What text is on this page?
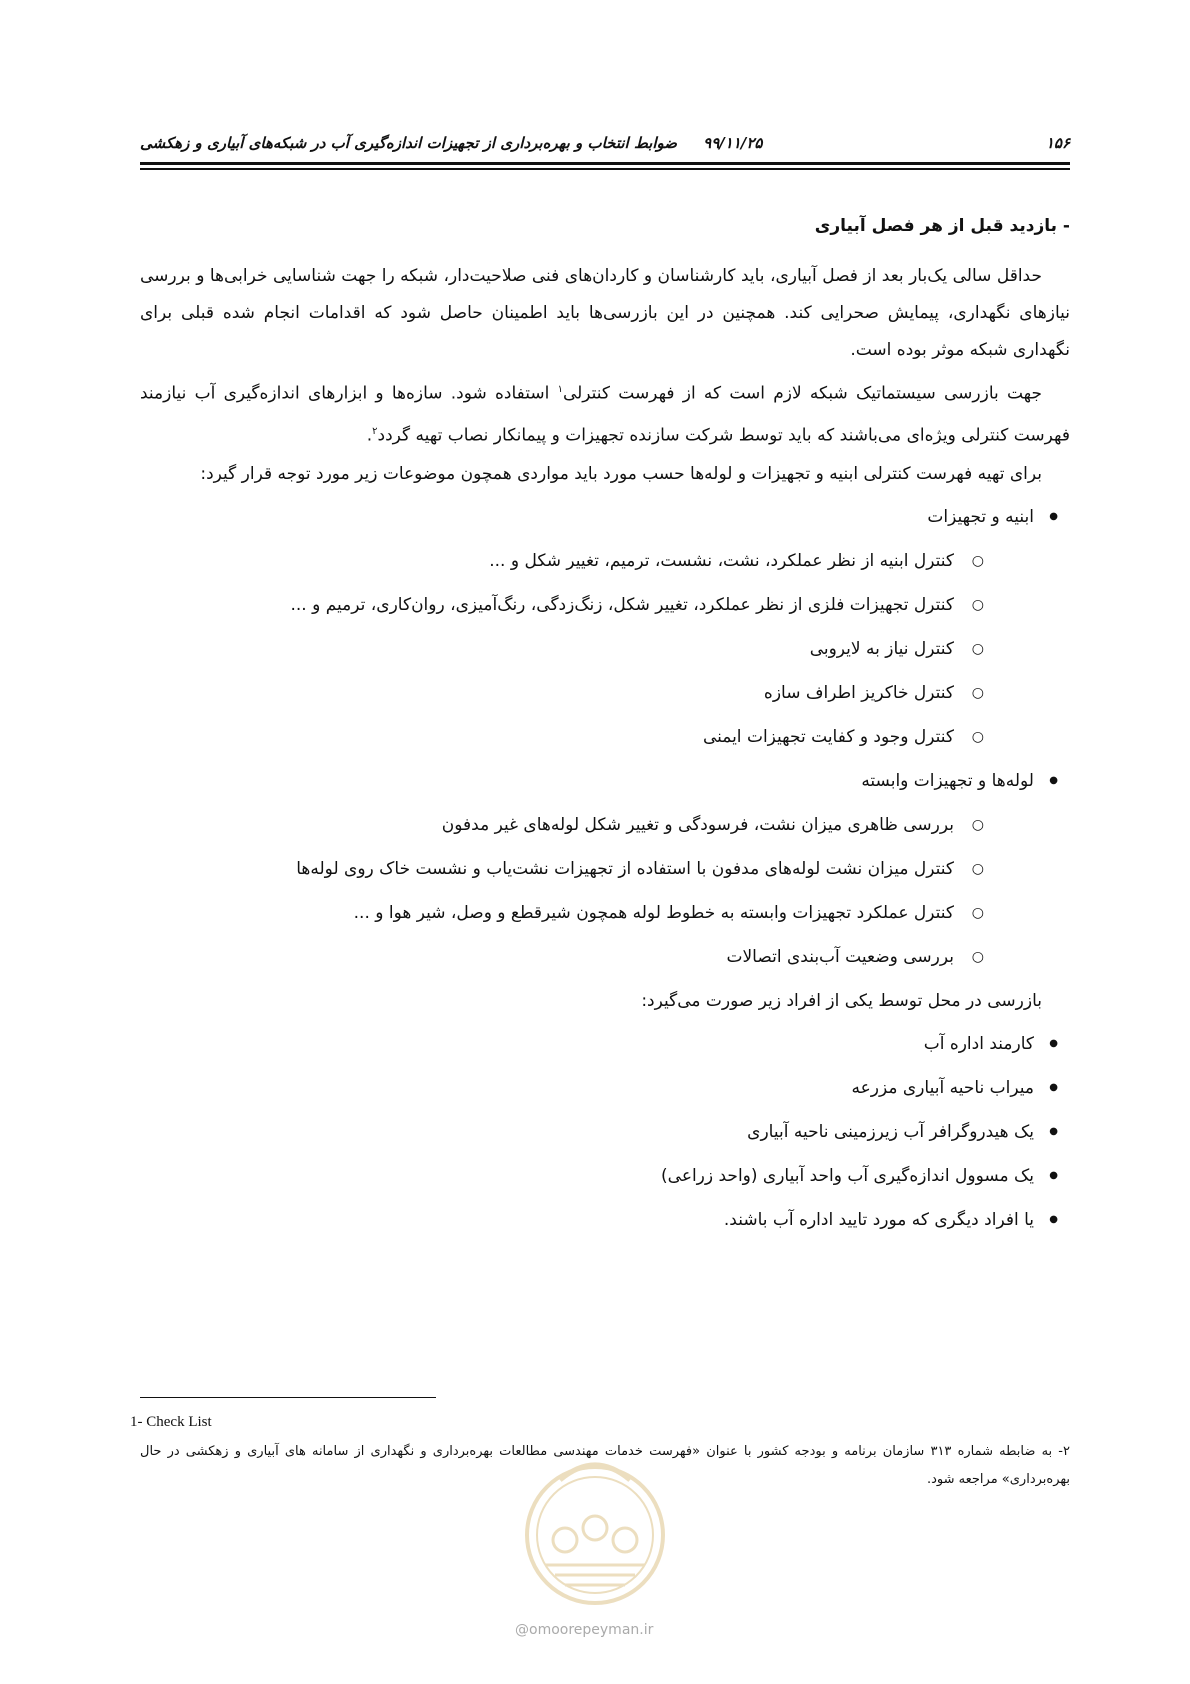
۱۵۶
۹۹/۱۱/۲۵     ضوابط انتخاب و بهره‌برداری از تجهیزات اندازه‌گیری آب در شبکه‌های آبیاری و زهکشی
- بازدید قبل از هر فصل آبیاری

حداقل سالی یک‌بار بعد از فصل آبیاری، باید کارشناسان و کاردان‌های فنی صلاحیت‌دار، شبکه را جهت شناسایی خرابی‌ها و بررسی نیازهای نگهداری، پیمایش صحرایی کند. همچنین در این بازرسی‌ها باید اطمینان حاصل شود که اقدامات انجام شده قبلی برای نگهداری شبکه موثر بوده است.

جهت بازرسی سیستماتیک شبکه لازم است که از فهرست کنترلی$^۱$ استفاده شود. سازه‌ها و ابزارهای اندازه‌گیری آب نیازمند فهرست کنترلی ویژه‌ای می‌باشند که باید توسط شرکت سازنده تجهیزات و پیمانکار نصاب تهیه گردد$^۲$.

برای تهیه فهرست کنترلی ابنیه و تجهیزات و لوله‌ها حسب مورد باید مواردی همچون موضوعات زیر مورد توجه قرار گیرد:

● ابنیه و تجهیزات
○ کنترل ابنیه از نظر عملکرد، نشت، نشست، ترمیم، تغییر شکل و ...
○ کنترل تجهیزات فلزی از نظر عملکرد، تغییر شکل، زنگ‌زدگی، رنگ‌آمیزی، روان‌کاری، ترمیم و ...
○ کنترل نیاز به لایروبی
○ کنترل خاکریز اطراف سازه
○ کنترل وجود و کفایت تجهیزات ایمنی
● لوله‌ها و تجهیزات وابسته
○ بررسی ظاهری میزان نشت، فرسودگی و تغییر شکل لوله‌های غیر مدفون
○ کنترل میزان نشت لوله‌های مدفون با استفاده از تجهیزات نشت‌یاب و نشست خاک روی لوله‌ها
○ کنترل عملکرد تجهیزات وابسته به خطوط لوله همچون شیرقطع و وصل، شیر هوا و ...
○ بررسی وضعیت آب‌بندی اتصالات

بازرسی در محل توسط یکی از افراد زیر صورت می‌گیرد:

● کارمند اداره آب
● میراب ناحیه آبیاری مزرعه
● یک هیدروگرافر آب زیرزمینی ناحیه آبیاری
● یک مسوول اندازه‌گیری آب واحد آبیاری (واحد زراعی)
● یا افراد دیگری که مورد تایید اداره آب باشند.
1- Check List
۲- به ضابطه شماره ۳۱۳ سازمان برنامه و بودجه کشور با عنوان «فهرست خدمات مهندسی مطالعات بهره‌برداری و نگهداری از سامانه های آبیاری و زهکشی در حال بهره‌برداری» مراجعه شود.
@omoorepeyman.ir
